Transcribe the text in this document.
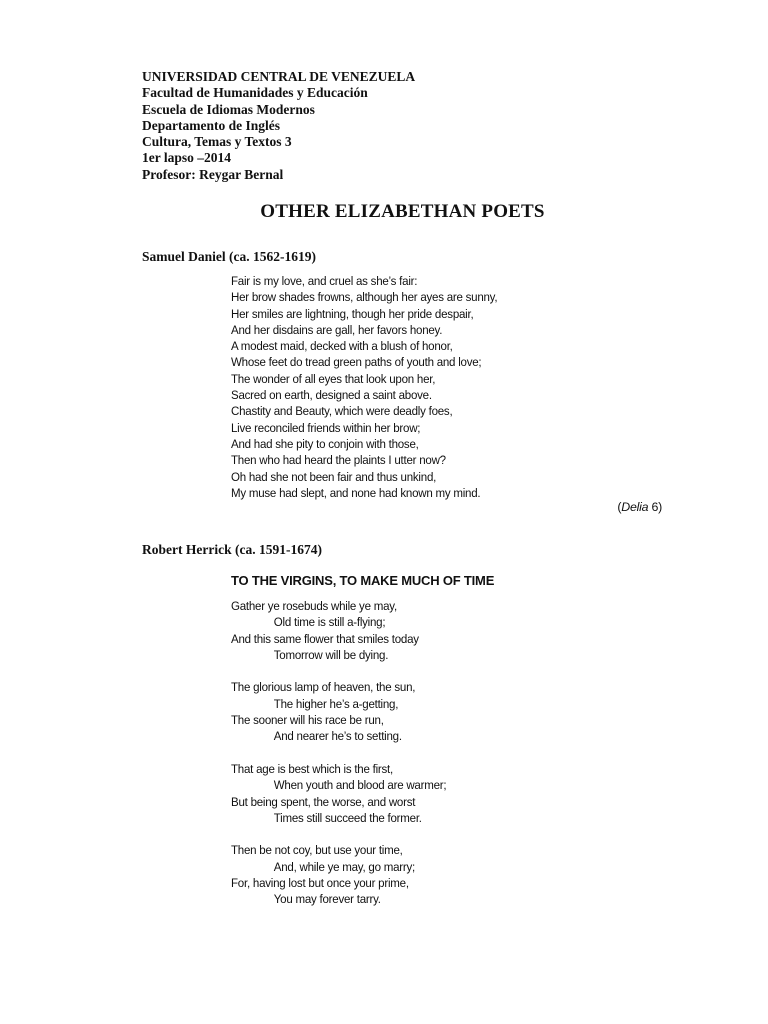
UNIVERSIDAD CENTRAL DE VENEZUELA
Facultad de Humanidades y Educación
Escuela de Idiomas Modernos
Departamento de Inglés
Cultura, Temas y Textos 3
1er lapso –2014
Profesor: Reygar Bernal
OTHER ELIZABETHAN POETS
Samuel Daniel (ca. 1562-1619)
Fair is my love, and cruel as she’s fair:
Her brow shades frowns, although her ayes are sunny,
Her smiles are lightning, though her pride despair,
And her disdains are gall, her favors honey.
A modest maid, decked with a blush of honor,
Whose feet do tread green paths of youth and love;
The wonder of all eyes that look upon her,
Sacred on earth, designed a saint above.
Chastity and Beauty, which were deadly foes,
Live reconciled friends within her brow;
And had she pity to conjoin with those,
Then who had heard the plaints I utter now?
Oh had she not been fair and thus unkind,
My muse had slept, and none had known my mind.
(Delia 6)
Robert Herrick (ca. 1591-1674)
TO THE VIRGINS, TO MAKE MUCH OF TIME
Gather ye rosebuds while ye may,
Old time is still a-flying;
And this same flower that smiles today
Tomorrow will be dying.
The glorious lamp of heaven, the sun,
The higher he’s a-getting,
The sooner will his race be run,
And nearer he’s to setting.
That age is best which is the first,
When youth and blood are warmer;
But being spent, the worse, and worst
Times still succeed the former.
Then be not coy, but use your time,
And, while ye may, go marry;
For, having lost but once your prime,
You may forever tarry.
